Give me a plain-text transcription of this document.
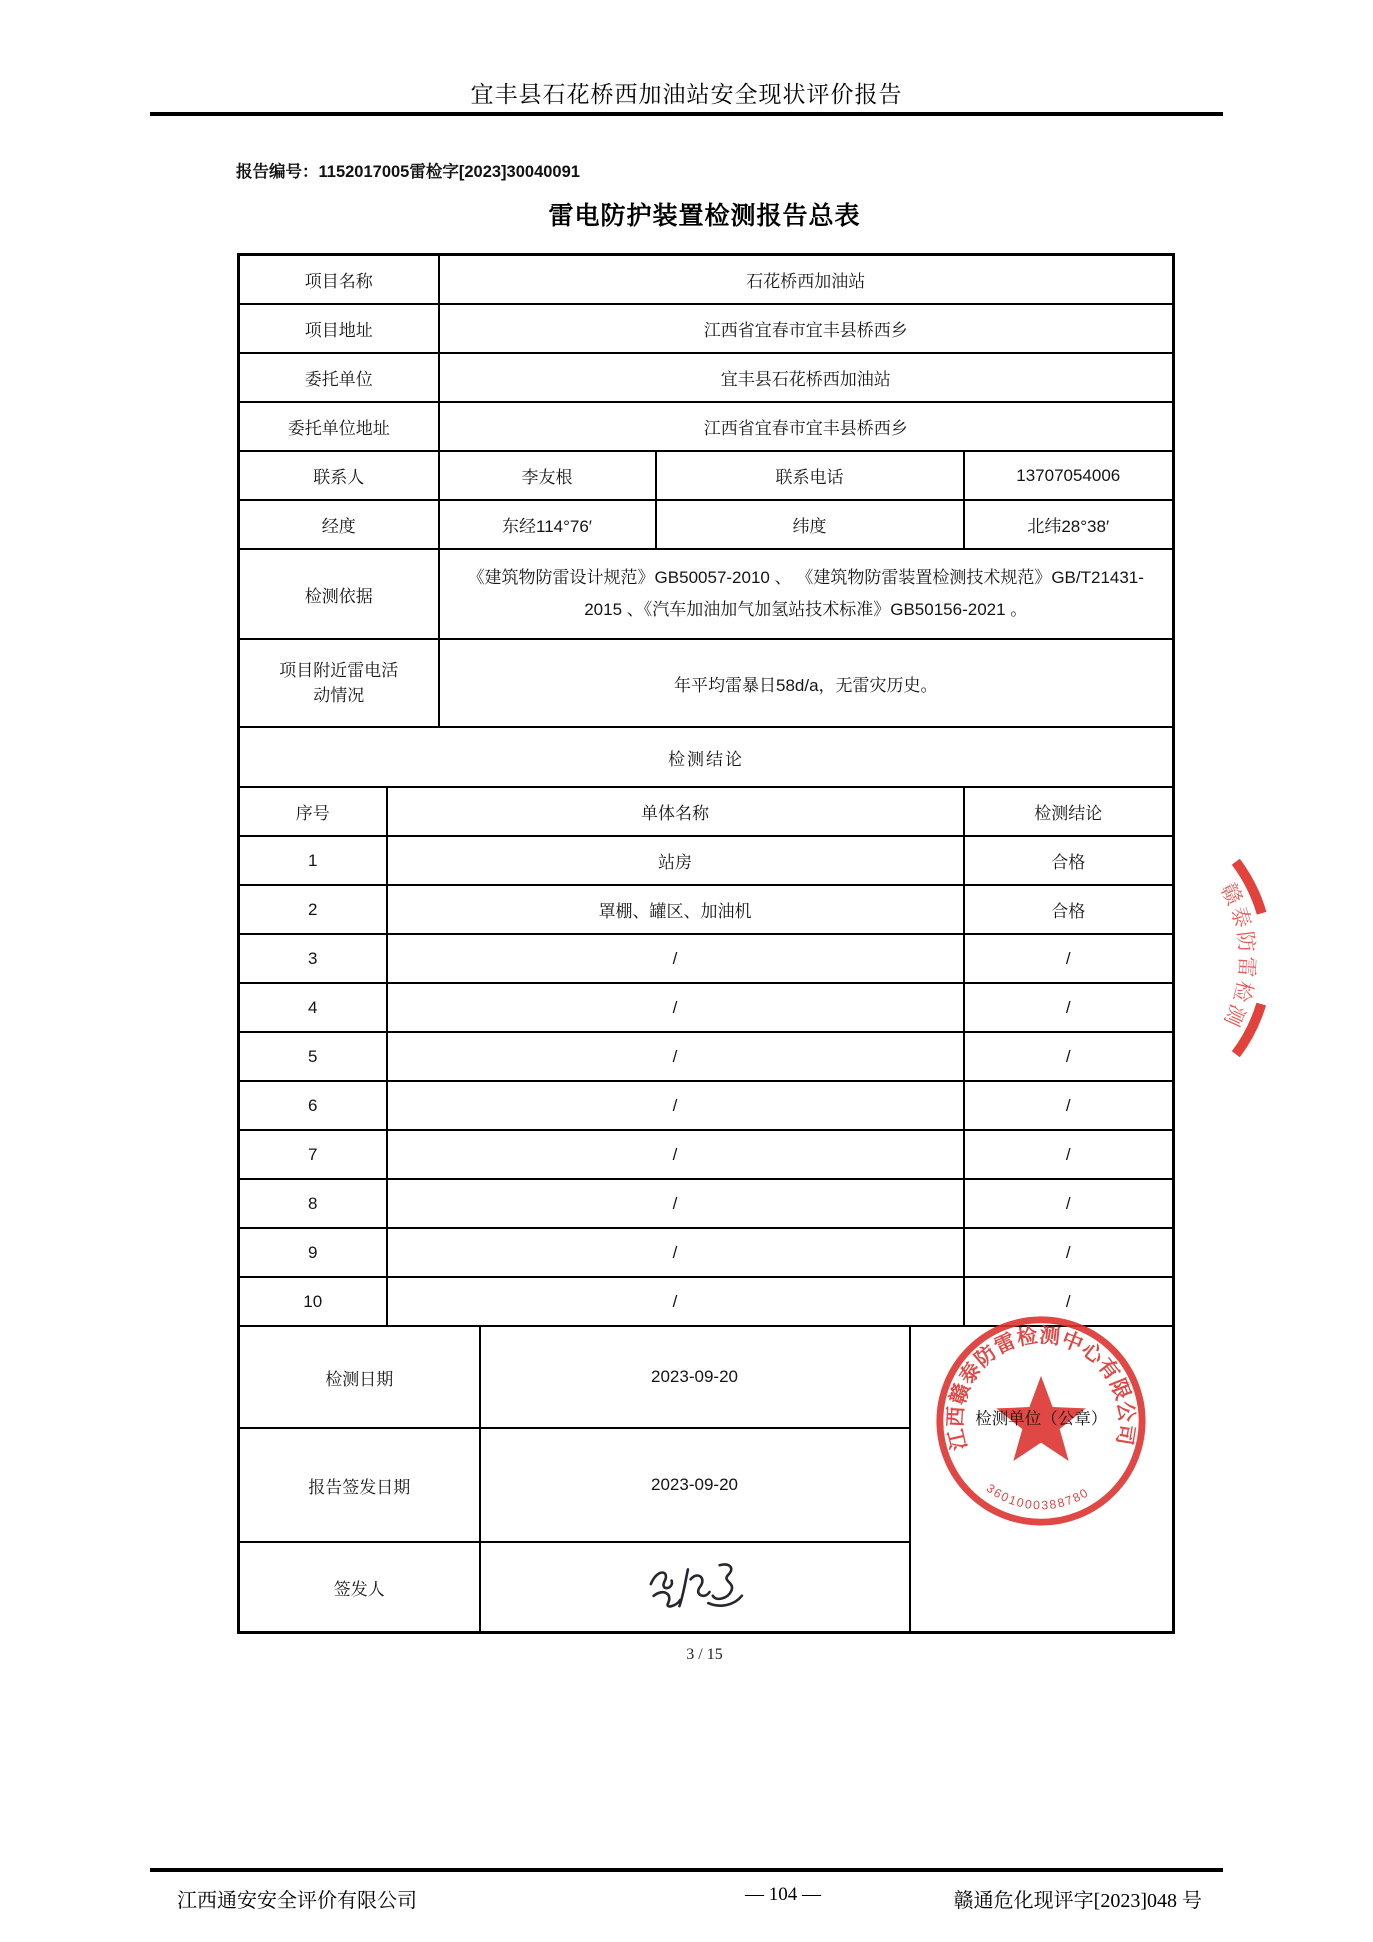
宜丰县石花桥西加油站安全现状评价报告
报告编号：1152017005雷检字[2023]30040091
雷电防护装置检测报告总表
项目名称		石花桥西加油站				
项目地址		江西省宜春市宜丰县桥西乡				
委托单位		宜丰县石花桥西加油站				
委托单位地址		江西省宜春市宜丰县桥西乡				
联系人		李友根		联系电话		13707054006
经度		东经114°76′		纬度		北纬28°38′
检测依据		《建筑物防雷设计规范》GB50057-2010 、 《建筑物防雷装置检测技术规范》GB/T21431-2015 、《汽车加油加气加氢站技术标准》GB50156-2021 。				
项目附近雷电活动情况		年平均雷暴日58d/a，无雷灾历史。				
检测结论						
序号	单体名称					检测结论
1	站房					合格
2	罩棚、罐区、加油机					合格
3	/					/
4	/					/
5	/					/
6	/					/
7	/					/
8	/					/
9	/					/
10	/					/
检测日期			2023-09-20		检测单位（公章）
江西赣泰防雷检测中心有限公司
3601000388780	

报告签发日期			2023-09-20			
签发人	
赣泰防雷检测
3 / 15
江西通安安全评价有限公司	— 104 —	赣通危化现评字[2023]048 号
